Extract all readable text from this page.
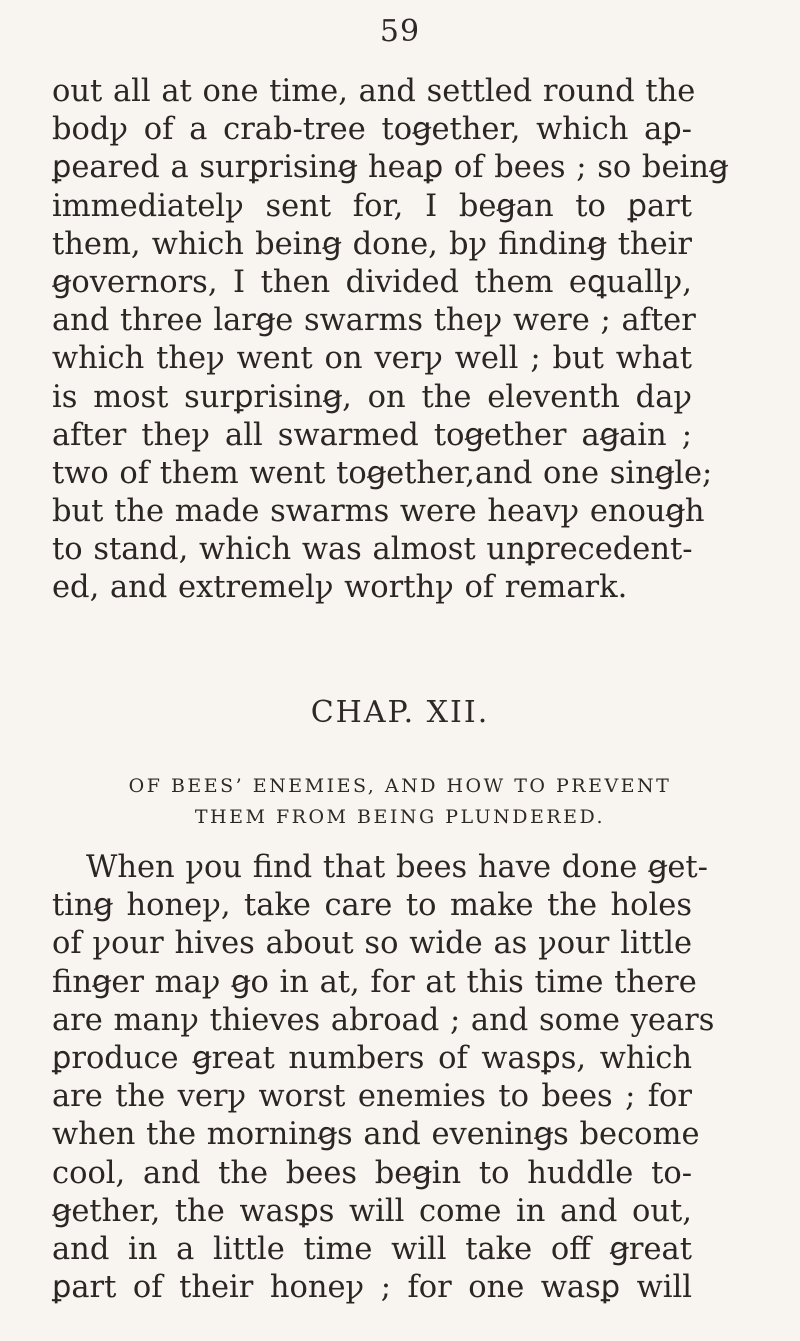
59
out all at one time, and settled round the
bodꝩ of a crab-tree toꞡether, which aꝑ-
ꝑeared a surꝑrisinꞡ heaꝑ of bees ; so beinꞡ
immediatelꝩ sent for, I beꞡan to ꝑart
them, which beinꞡ done, bꝩ findinꞡ their
ꞡovernors, I then divided them eꝗuallꝩ,
and three larꞡe swarms theꝩ were ; after
which theꝩ went on verꝩ well ; but what
is most surꝑrisinꞡ, on the eleventh daꝩ
after theꝩ all swarmed toꞡether aꞡain ;
two of them went toꞡether,and one sinꞡle;
but the made swarms were heavꝩ enouꞡh
to stand, which was almost unꝑrecedent-
ed, and extremelꝩ worthꝩ of remark.
CHAP. XII.
OF BEES’ ENEMIES, AND HOW TO PREVENT
THEM FROM BEING PLUNDERED.
When ꝩou find that bees have done ꞡet-
tinꞡ honeꝩ, take care to make the holes
of ꝩour hives about so wide as ꝩour little
finꞡer maꝩ ꞡo in at, for at this time there
are manꝩ thieves abroad ; and some years
ꝑroduce ꞡreat numbers of wasꝑs, which
are the verꝩ worst enemies to bees ; for
when the morninꞡs and eveninꞡs become
cool, and the bees beꞡin to huddle to-
ꞡether, the wasꝑs will come in and out,
and in a little time will take off ꞡreat
ꝑart of their honeꝩ ; for one wasꝑ will
